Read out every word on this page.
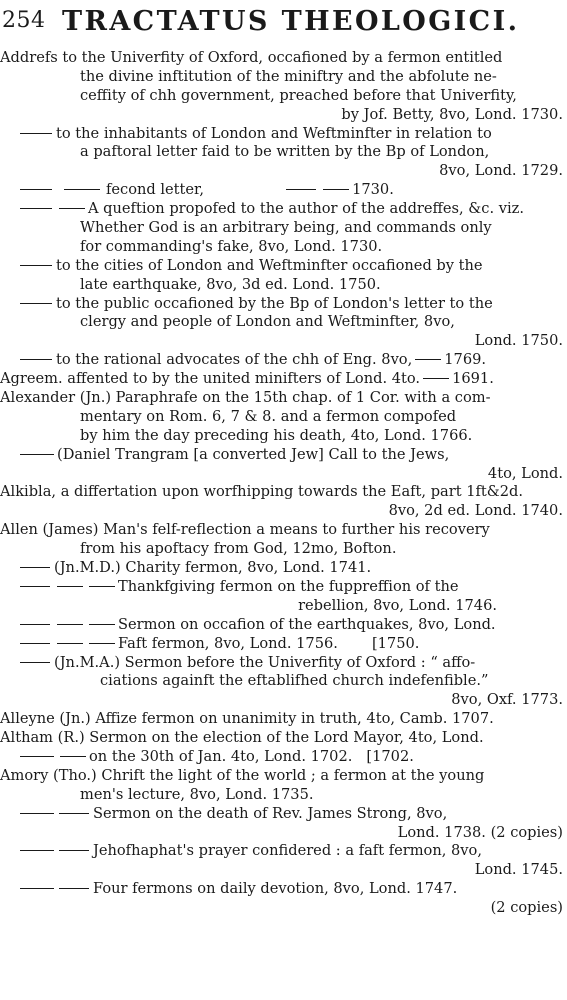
254 TRACTATUS THEOLOGICI.
Addrefs to the Univerfity of Oxford, occafioned by a fermon entitled
the divine inftitution of the miniftry and the abfolute ne-
ceffity of chh government, preached before that Univerfity,
by Jof. Betty, 8vo, Lond. 1730.
to the inhabitants of London and Weftminfter in relation to
a paftoral letter faid to be written by the Bp of London,
8vo, Lond. 1729.
fecond letter,	1730.
A queftion propofed to the author of the addreffes, &c. viz.
Whether God is an arbitrary being, and commands only
for commanding's fake, 8vo, Lond. 1730.
to the cities of London and Weftminfter occafioned by the
late earthquake, 8vo, 3d ed. Lond. 1750.
to the public occafioned by the Bp of London's letter to the
clergy and people of London and Weftminfter, 8vo,
Lond. 1750.
to the rational advocates of the chh of Eng. 8vo, 1769.
Agreem. affented to by the united minifters of Lond. 4to. 1691.
Alexander (Jn.) Paraphrafe on the 15th chap. of 1 Cor. with a com-
mentary on Rom. 6, 7 & 8. and a fermon compofed
by him the day preceding his death, 4to, Lond. 1766.
(Daniel Trangram [a converted Jew] Call to the Jews,
4to, Lond.
Alkibla, a differtation upon worfhipping towards the Eaft, part 1ft&2d.
8vo, 2d ed. Lond. 1740.
Allen (James) Man's felf-reflection a means to further his recovery
from his apoftacy from God, 12mo, Bofton.
(Jn.M.D.) Charity fermon, 8vo, Lond. 1741.
Thankfgiving fermon on the fuppreffion of the
rebellion, 8vo, Lond. 1746.
Sermon on occafion of the earthquakes, 8vo, Lond.
Faft fermon, 8vo, Lond. 1756. [1750.
(Jn.M.A.) Sermon before the Univerfity of Oxford : “ affo-
ciations againft the eftablifhed church indefenfible.”
8vo, Oxf. 1773.
Alleyne (Jn.) Affize fermon on unanimity in truth, 4to, Camb. 1707.
Altham (R.) Sermon on the election of the Lord Mayor, 4to, Lond.
on the 30th of Jan. 4to, Lond. 1702. [1702.
Amory (Tho.) Chrift the light of the world ; a fermon at the young
men's lecture, 8vo, Lond. 1735.
Sermon on the death of Rev. James Strong, 8vo,
Lond. 1738. (2 copies)
Jehofhaphat's prayer confidered : a faft fermon, 8vo,
Lond. 1745.
Four fermons on daily devotion, 8vo, Lond. 1747.
(2 copies)
